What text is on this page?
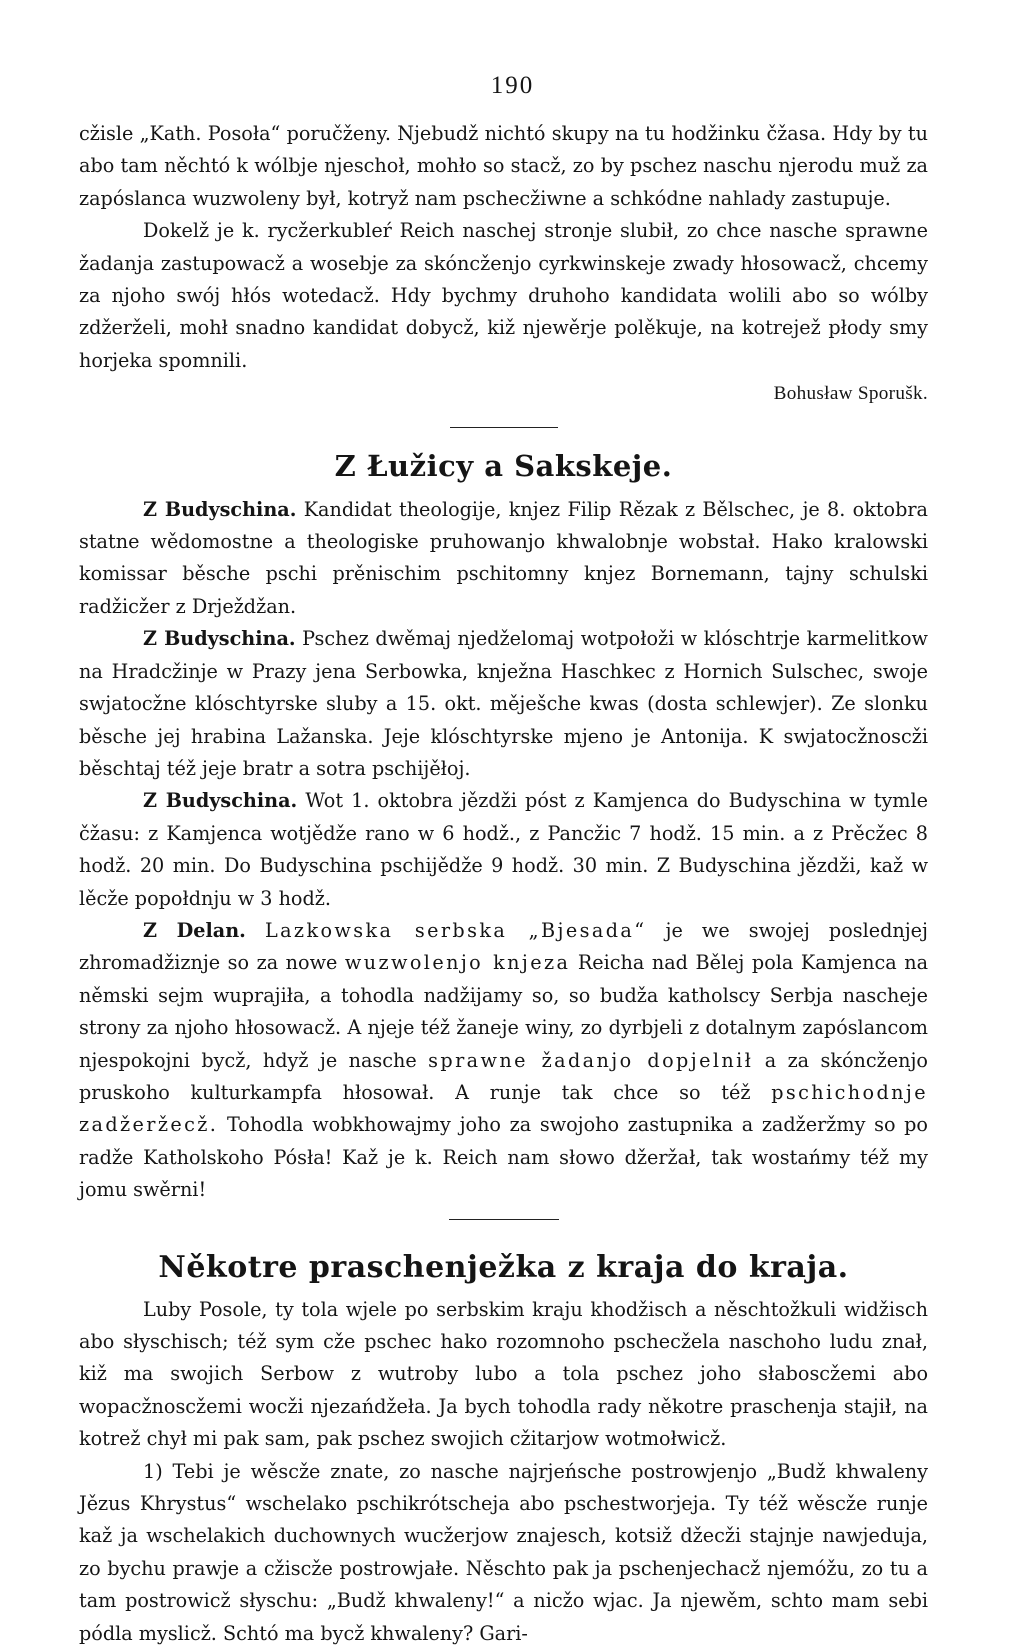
190

cžisle „Kath. Posoła“ poručženy. Njebudž nichtó skupy na tu hodžinku čžasa. Hdy by tu abo tam něchtó k wólbje njeschoł, mohło so stacž, zo by pschez naschu njerodu muž za zapóslanca wuzwoleny był, kotryž nam pschecžiwne a schkódne nahlady zastupuje.

Dokelž je k. rycžerkubleŕ Reich naschej stronje slubił, zo chce nasche sprawne žadanja zastupowacž a wosebje za skóncženjo cyrkwinskeje zwady hłosowacž, chcemy za njoho swój hłós wotedacž. Hdy bychmy druhoho kandidata wolili abo so wólby zdžerželi, mohł snadno kandidat dobycž, kiž njewěrje polěkuje, na kotrejež płody smy horjeka spomnili.

Bohusław Sporušk.

Z Łužicy a Sakskeje.

Z Budyschina. Kandidat theologije, knjez Filip Rězak z Bělschec, je 8. oktobra statne wědomostne a theologiske pruhowanjo khwalobnje wobstał. Hako kralowski komissar běsche pschi prěnischim pschitomny knjez Bornemann, tajny schulski radžicžer z Drježdžan.

Z Budyschina. Pschez dwěmaj njedželomaj wotpołoži w klóschtrje karmelitkow na Hradcžinje w Prazy jena Serbowka, knježna Haschkec z Hornich Sulschec, swoje swjatocžne klóschtyrske sluby a 15. okt. měješche kwas (dosta schlewjer). Ze slonku běsche jej hrabina Lažanska. Jeje klóschtyrske mjeno je Antonija. K swjatocžnoscži běschtaj též jeje bratr a sotra pschijěłoj.

Z Budyschina. Wot 1. oktobra jězdži póst z Kamjenca do Budyschina w tymle čžasu: z Kamjenca wotjědže rano w 6 hodž., z Pancžic 7 hodž. 15 min. a z Prěcžec 8 hodž. 20 min. Do Budyschina pschijědže 9 hodž. 30 min. Z Budyschina jězdži, kaž w lěcže popołdnju w 3 hodž.

Z Delan. Lazkowska serbska „Bjesada“ je we swojej poslednjej zhromadžiznje so za nowe wuzwolenjo knjeza Reicha nad Bělej pola Kamjenca na němski sejm wuprajiła, a tohodla nadžijamy so, so budža katholscy Serbja nascheje strony za njoho hłosowacž. A njeje též žaneje winy, zo dyrbjeli z dotalnym zapóslancom njespokojni bycž, hdyž je nasche sprawne žadanjo dopjelnił a za skóncženjo pruskoho kulturkampfa hłosował. A runje tak chce so též pschichodnje zadžeržecž. Tohodla wobkhowajmy joho za swojoho zastupnika a zadžeržmy so po radže Katholskoho Pósła! Kaž je k. Reich nam słowo džeržał, tak wostańmy též my jomu swěrni!

Někotre praschenježka z kraja do kraja.

Luby Posole, ty tola wjele po serbskim kraju khodžisch a něschtožkuli widžisch abo słyschisch; též sym cže pschec hako rozomnoho pschecžela naschoho ludu znał, kiž ma swojich Serbow z wutroby lubo a tola pschez joho słaboscžemi abo wopacžnoscžemi wocži njezańdžeła. Ja bych tohodla rady někotre praschenja stajił, na kotrež chył mi pak sam, pak pschez swojich cžitarjow wotmołwicž.

1) Tebi je wěscže znate, zo nasche najrjeńsche postrowjenjo „Budž khwaleny Jězus Khrystus“ wschelako pschikrótscheja abo pschestworjeja. Ty též wěscže runje kaž ja wschelakich duchownych wucžerjow znajesch, kotsiž džecži stajnje nawjeduja, zo bychu prawje a cžiscže postrowjałe. Něschto pak ja pschenjechacž njemóžu, zo tu a tam postrowicž słyschu: „Budž khwaleny!“ a nicžo wjac. Ja njewěm, schto mam sebi pódla myslicž. Schtó ma bycž khwaleny? Gari-
